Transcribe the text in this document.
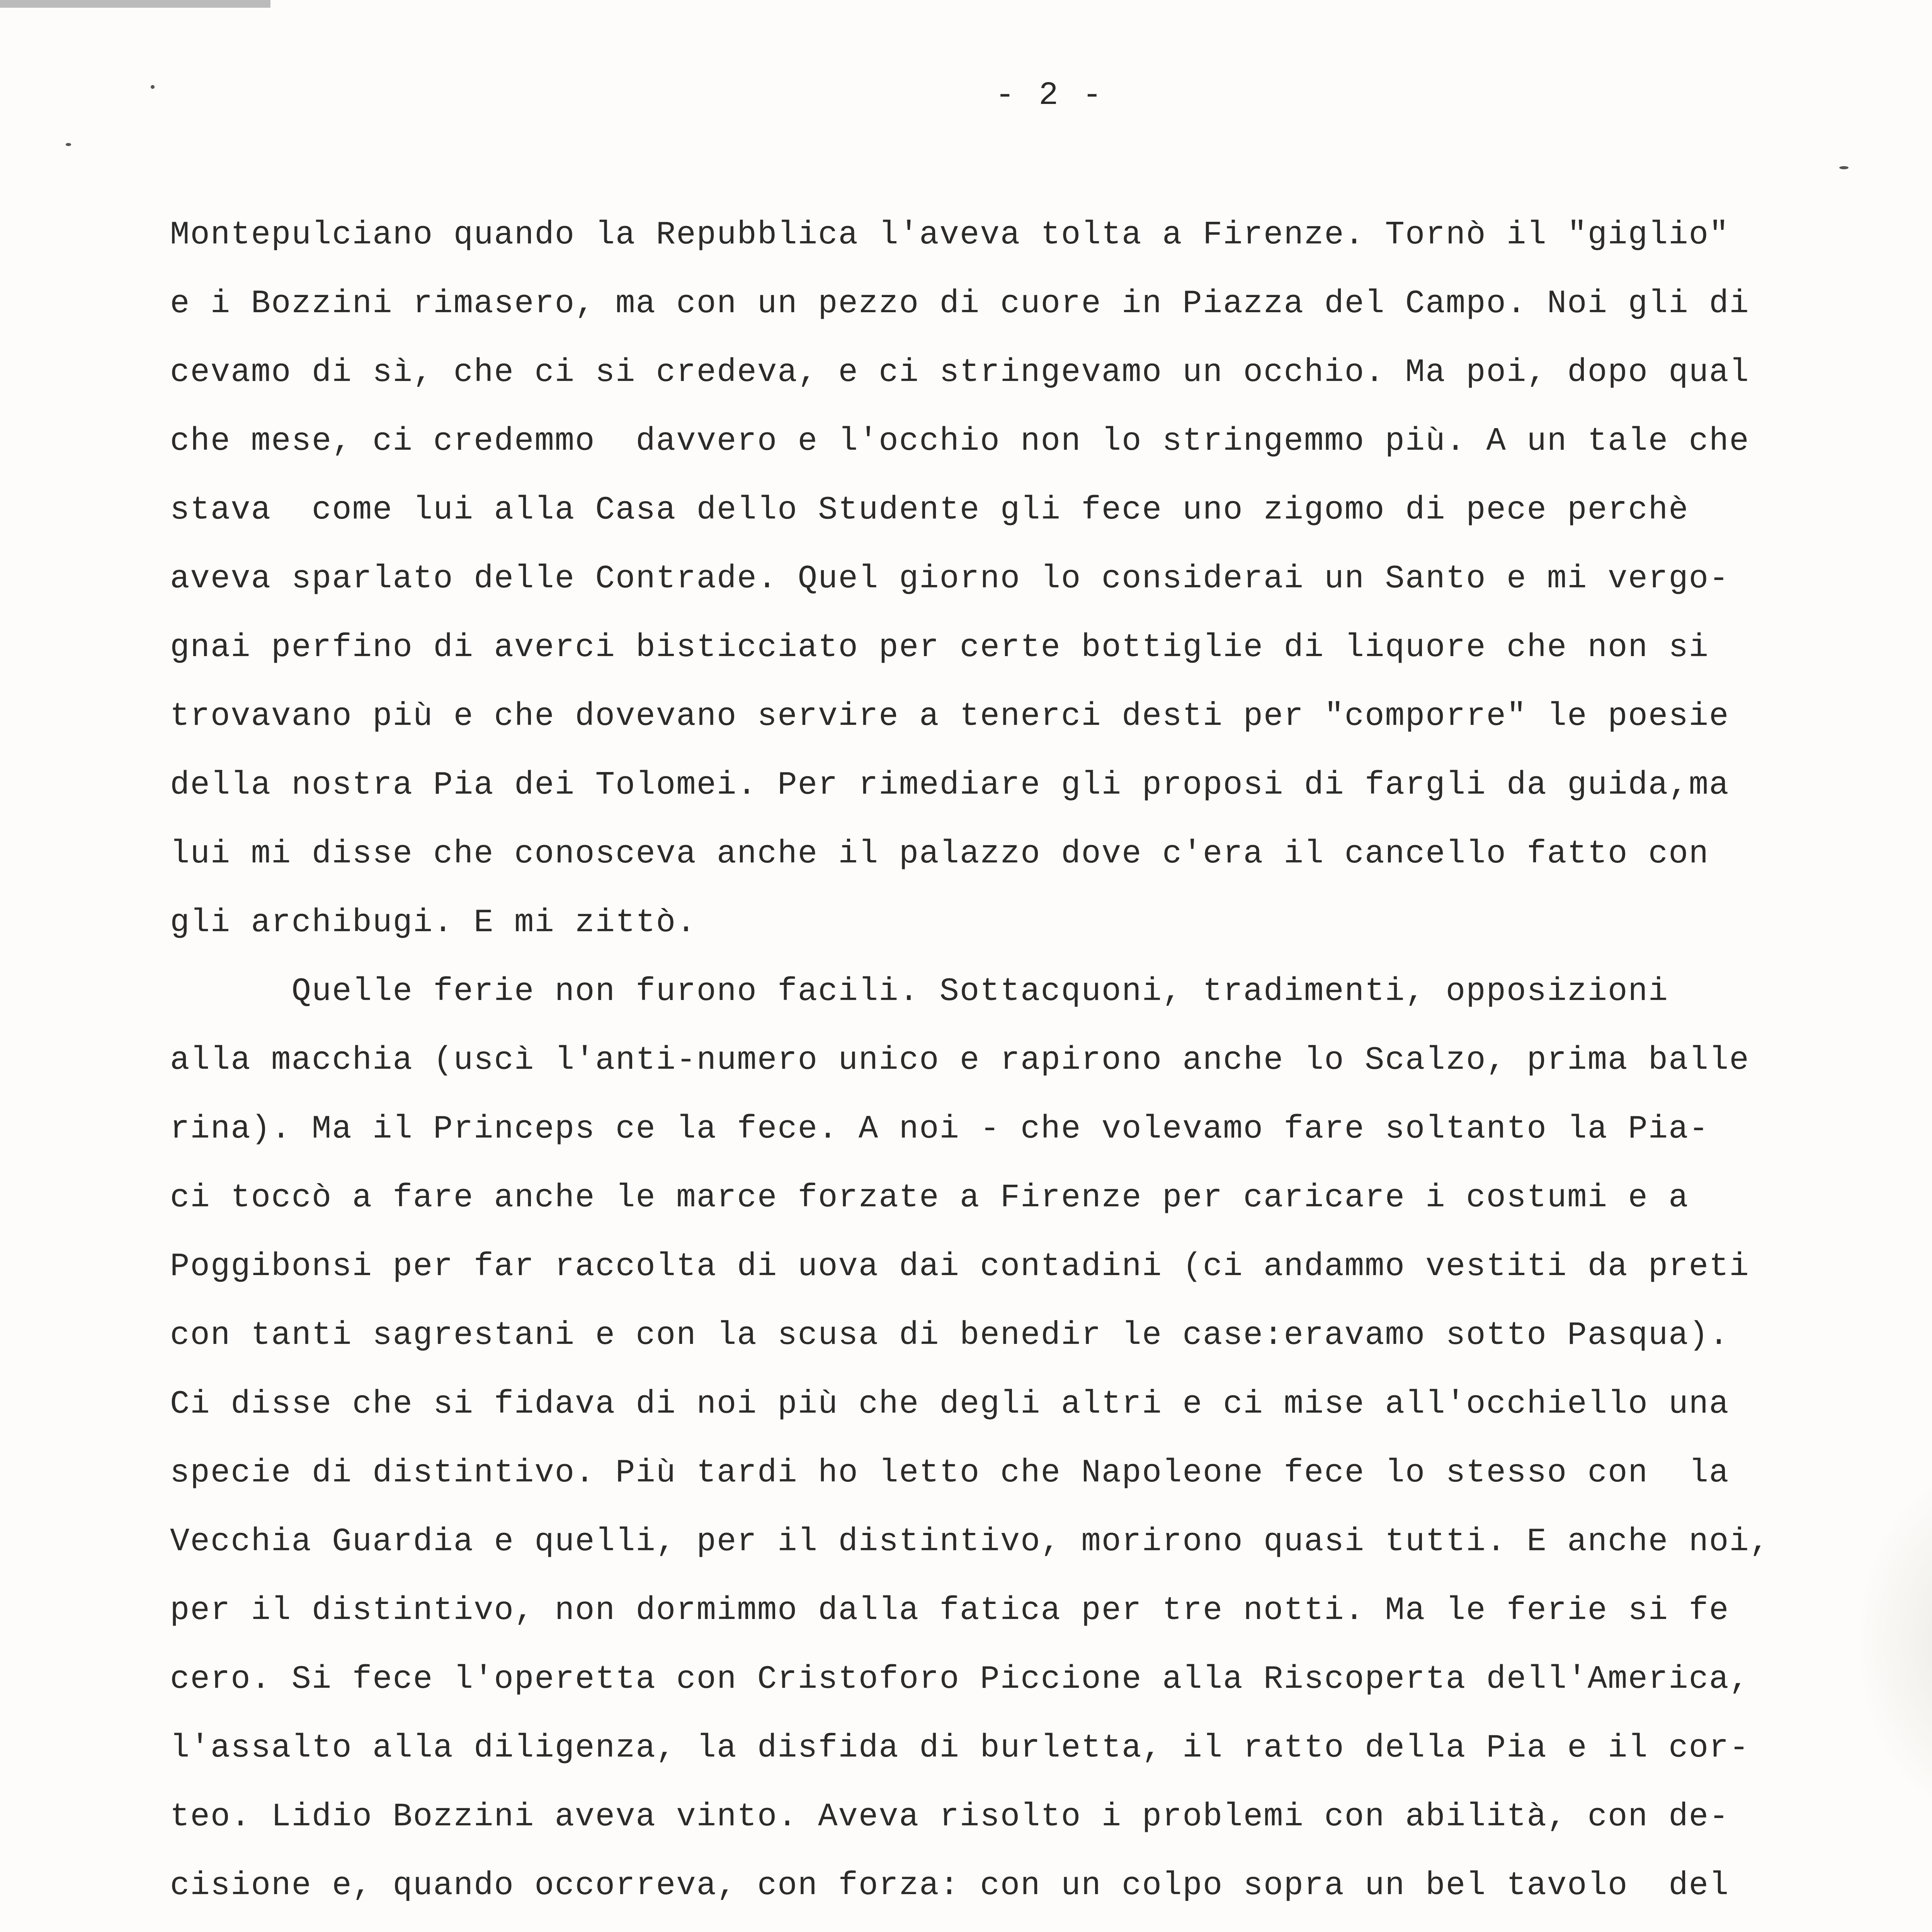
- 2 -
Montepulciano quando la Repubblica l'aveva tolta a Firenze. Tornò il "giglio"
e i Bozzini rimasero, ma con un pezzo di cuore in Piazza del Campo. Noi gli di
cevamo di sì, che ci si credeva, e ci stringevamo un occhio. Ma poi, dopo qual
che mese, ci credemmo  davvero e l'occhio non lo stringemmo più. A un tale che
stava  come lui alla Casa dello Studente gli fece uno zigomo di pece perchè
aveva sparlato delle Contrade. Quel giorno lo considerai un Santo e mi vergo-
gnai perfino di averci bisticciato per certe bottiglie di liquore che non si
trovavano più e che dovevano servire a tenerci desti per "comporre" le poesie
della nostra Pia dei Tolomei. Per rimediare gli proposi di fargli da guida,ma
lui mi disse che conosceva anche il palazzo dove c'era il cancello fatto con
gli archibugi. E mi zittò.
Quelle ferie non furono facili. Sottacquoni, tradimenti, opposizioni
alla macchia (uscì l'anti-numero unico e rapirono anche lo Scalzo, prima balle
rina). Ma il Princeps ce la fece. A noi - che volevamo fare soltanto la Pia-
ci toccò a fare anche le marce forzate a Firenze per caricare i costumi e a
Poggibonsi per far raccolta di uova dai contadini (ci andammo vestiti da preti
con tanti sagrestani e con la scusa di benedir le case:eravamo sotto Pasqua).
Ci disse che si fidava di noi più che degli altri e ci mise all'occhiello una
specie di distintivo. Più tardi ho letto che Napoleone fece lo stesso con  la
Vecchia Guardia e quelli, per il distintivo, morirono quasi tutti. E anche noi,
per il distintivo, non dormimmo dalla fatica per tre notti. Ma le ferie si fe
cero. Si fece l'operetta con Cristoforo Piccione alla Riscoperta dell'America,
l'assalto alla diligenza, la disfida di burletta, il ratto della Pia e il cor-
teo. Lidio Bozzini aveva vinto. Aveva risolto i problemi con abilità, con de-
cisione e, quando occorreva, con forza: con un colpo sopra un bel tavolo  del
